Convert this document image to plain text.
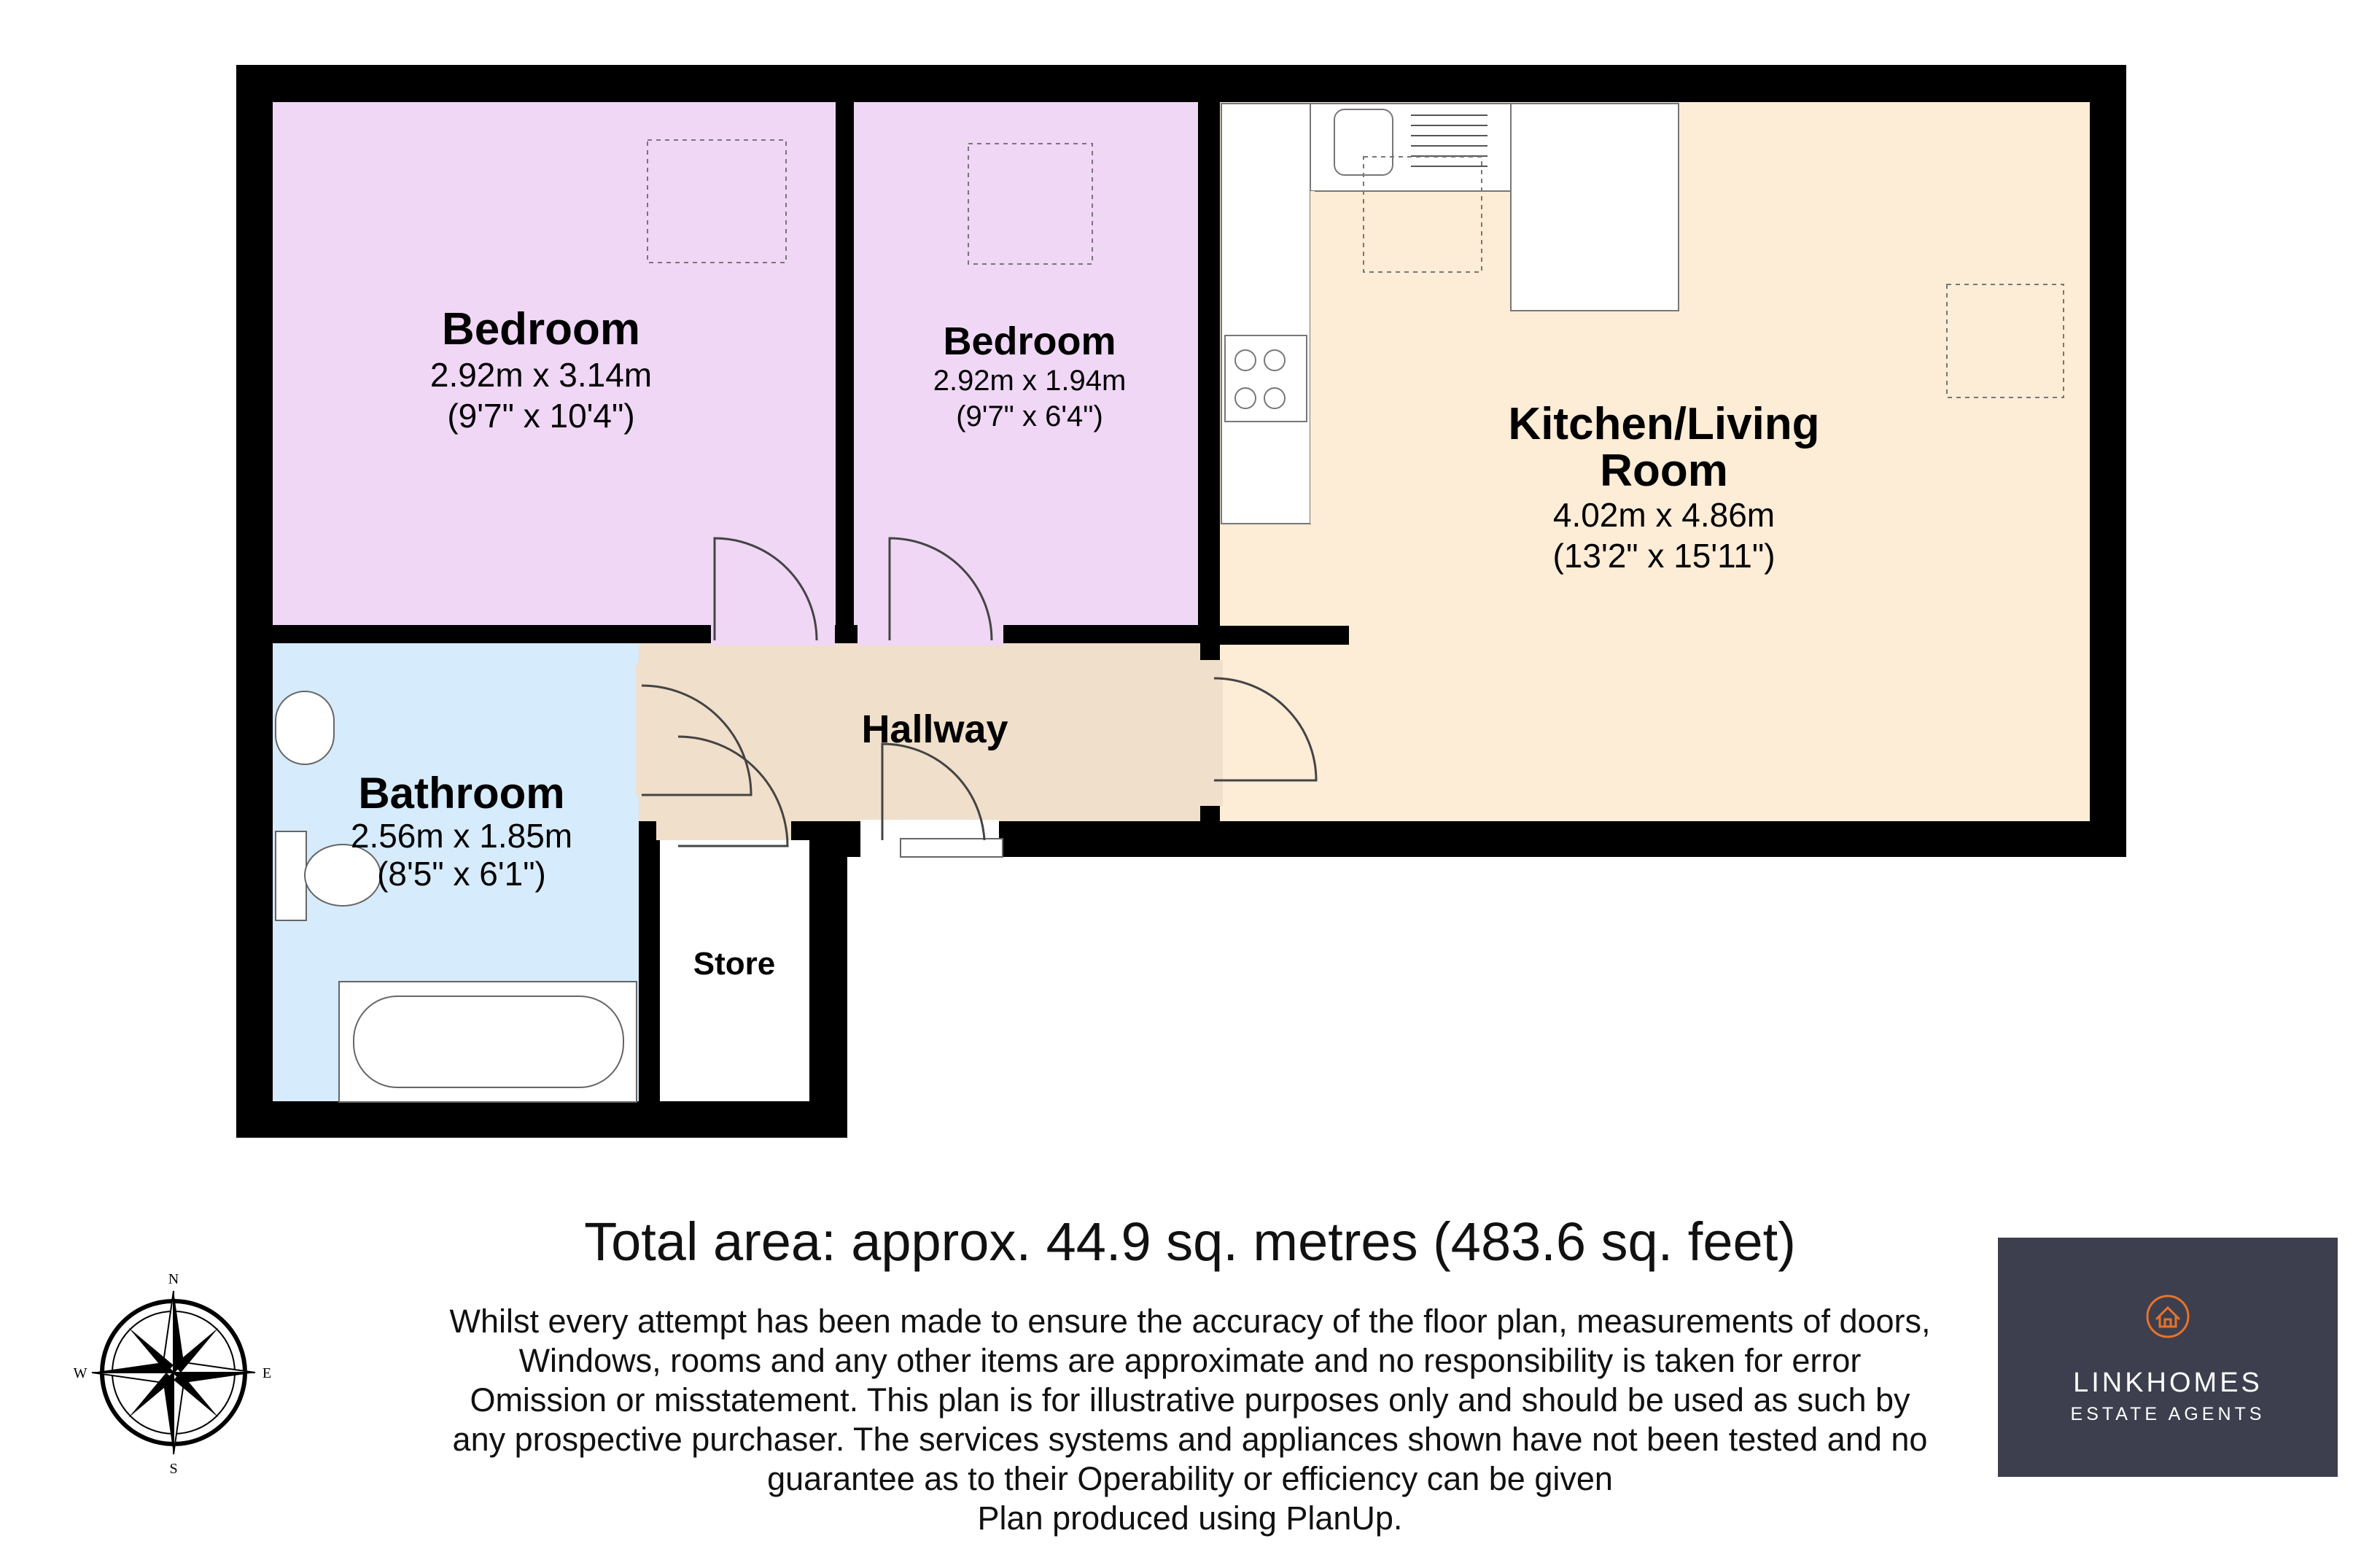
Bedroom
2.92m x 3.14m
(9'7" x 10'4")
Bedroom
2.92m x 1.94m
(9'7" x 6'4")	Kitchen/Living
Room
4.02m x 4.86m
(13'2" x 15'11")
Hallway
Bathroom
2.56m x 1.85m
(8'5" x 6'1")
Store
N
S
E
W
Total area: approx. 44.9 sq. metres (483.6 sq. feet)
Whilst every attempt has been made to ensure the accuracy of the floor plan, measurements of doors,
Windows, rooms and any other items are approximate and no responsibility is taken for error
Omission or misstatement. This plan is for illustrative purposes only and should be used as such by
any prospective purchaser. The services systems and appliances shown have not been tested and no
guarantee as to their Operability or efficiency can be given
Plan produced using PlanUp.
LINKHOMES
ESTATE AGENTS
